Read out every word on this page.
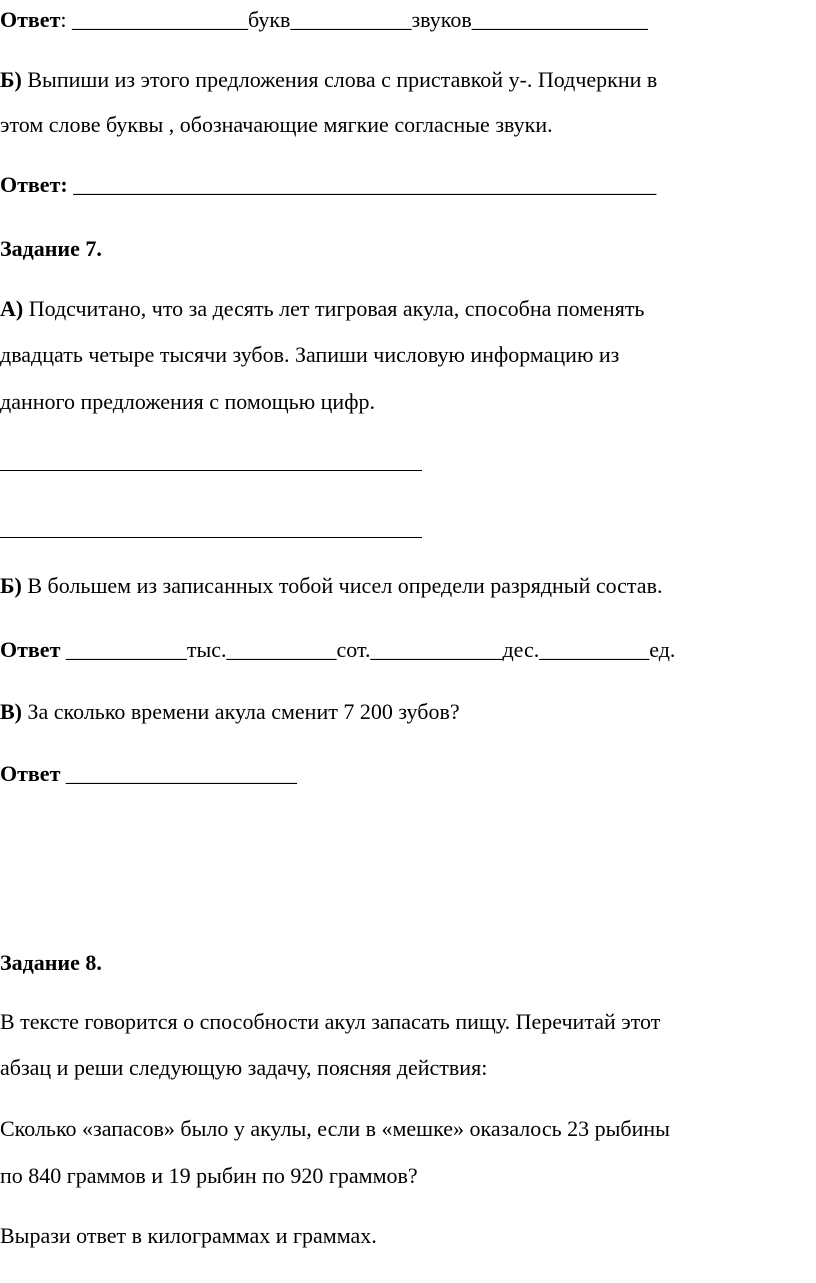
Ответ: ________________букв___________звуков________________
Б) Выпиши из этого предложения слова с приставкой у-. Подчеркни в
этом слове буквы , обозначающие мягкие согласные звуки.
Ответ: _____________________________________________________
Задание 7.
А) Подсчитано, что за десять лет тигровая акула, способна поменять
двадцать четыре тысячи зубов. Запиши числовую информацию из
данного предложения с помощью цифр.
Б) В большем из записанных тобой чисел определи разрядный состав.
Ответ ___________тыс.__________сот.____________дес.__________ед.
В) За сколько времени акула сменит 7 200 зубов?
Ответ _____________________
Задание 8.
В тексте говорится о способности акул запасать пищу. Перечитай этот
абзац и реши следующую задачу, поясняя действия:
Сколько «запасов» было у акулы, если в «мешке» оказалось 23 рыбины
по 840 граммов и 19 рыбин по 920 граммов?
Вырази ответ в килограммах и граммах.
